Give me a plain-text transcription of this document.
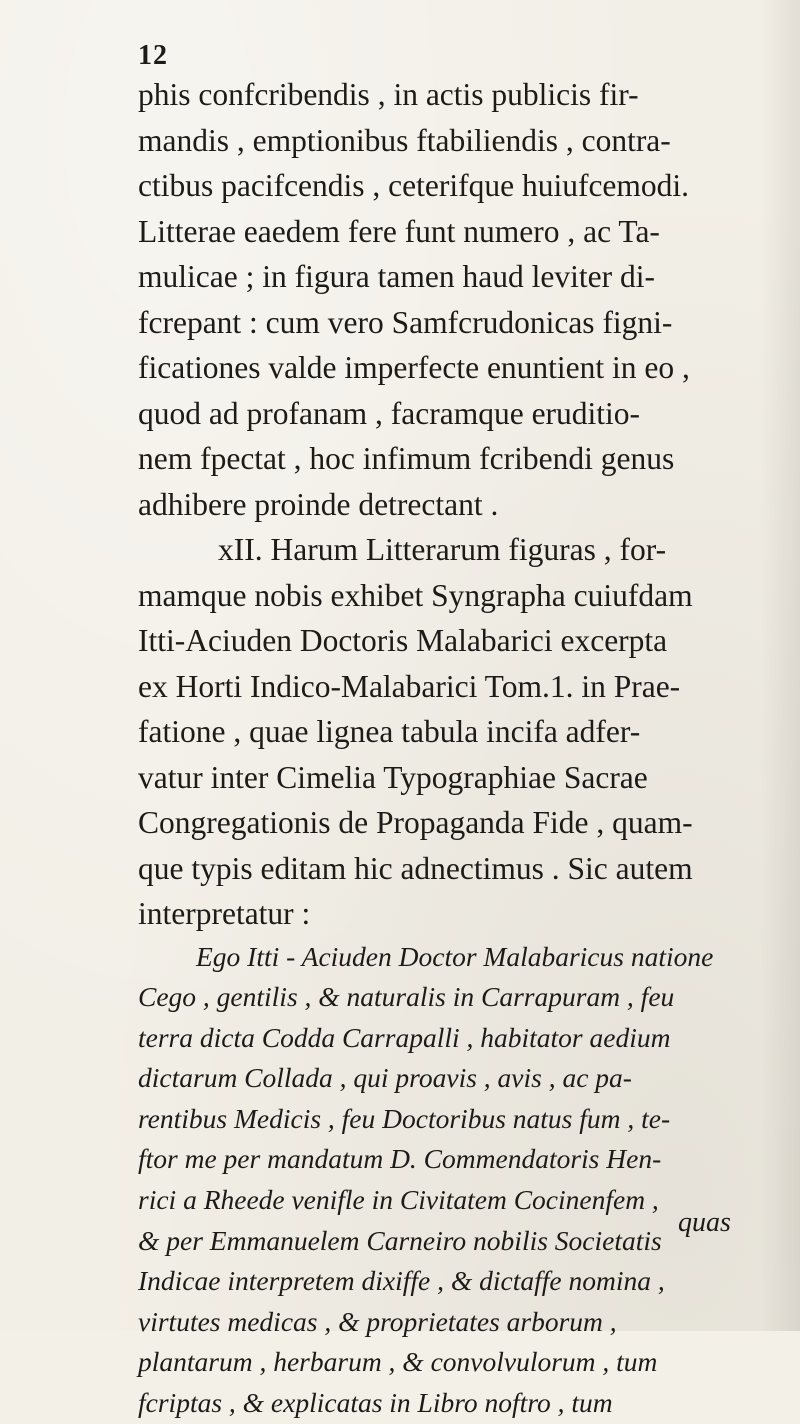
12
phis confcribendis , in actis publicis fir-
mandis , emptionibus ftabiliendis , contra-
ctibus pacifcendis , ceterifque huiufcemodi.
Litterae eaedem fere funt numero , ac Ta-
mulicae ; in figura tamen haud leviter di-
fcrepant : cum vero Samfcrudonicas figni-
ficationes valde imperfecte enuntient in eo ,
quod ad profanam , facramque eruditio-
nem fpectat , hoc infimum fcribendi genus
adhibere proinde detrectant .
xII. Harum Litterarum figuras , for-
mamque nobis exhibet Syngrapha cuiufdam
Itti-Aciuden Doctoris Malabarici excerpta
ex Horti Indico-Malabarici Tom.1. in Prae-
fatione , quae lignea tabula incifa adfer-
vatur inter Cimelia Typographiae Sacrae
Congregationis de Propaganda Fide , quam-
que typis editam hic adnectimus . Sic autem
interpretatur :
Ego Itti - Aciuden Doctor Malabaricus natione
Cego , gentilis , & naturalis in Carrapuram , feu
terra dicta Codda Carrapalli , habitator aedium
dictarum Collada , qui proavis , avis , ac pa-
rentibus Medicis , feu Doctoribus natus fum , te-
ftor me per mandatum D. Commendatoris Hen-
rici a Rheede venifle in Civitatem Cocinenfem ,
& per Emmanuelem Carneiro nobilis Societatis
Indicae interpretem dixiffe , & dictaffe nomina ,
virtutes medicas , & proprietates arborum ,
plantarum , herbarum , & convolvulorum , tum
fcriptas , & explicatas in Libro noftro , tum
quas
